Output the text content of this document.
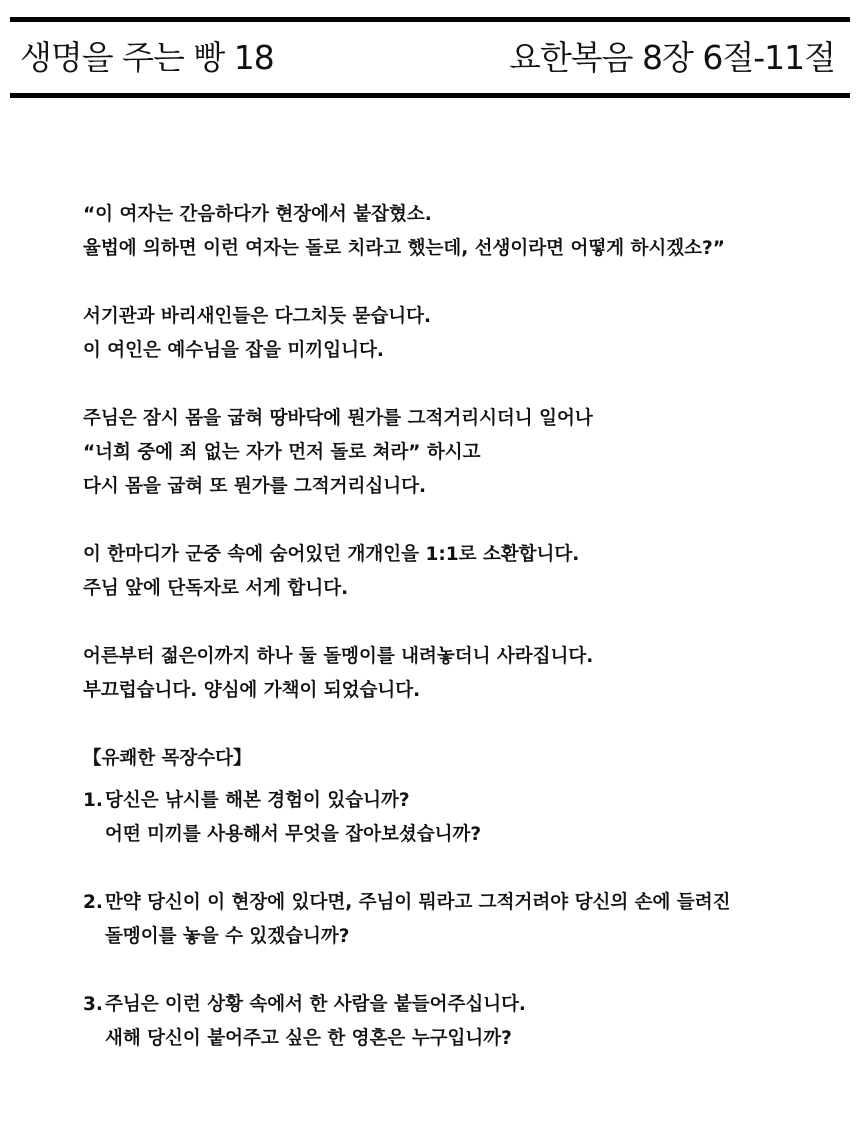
생명을 주는 빵 18	요한복음 8장 6절-11절
“이 여자는 간음하다가 현장에서 붙잡혔소.
율법에 의하면 이런 여자는 돌로 치라고 했는데, 선생이라면 어떻게 하시겠소?”
서기관과 바리새인들은 다그치듯 묻습니다.
이 여인은 예수님을 잡을 미끼입니다.
주님은 잠시 몸을 굽혀 땅바닥에 뭔가를 그적거리시더니 일어나
“너희 중에 죄 없는 자가 먼저 돌로 쳐라” 하시고
다시 몸을 굽혀 또 뭔가를 그적거리십니다.
이 한마디가 군중 속에 숨어있던 개개인을 1:1로 소환합니다.
주님 앞에 단독자로 서게 합니다.
어른부터 젊은이까지 하나 둘 돌멩이를 내려놓더니 사라집니다.
부끄럽습니다. 양심에 가책이 되었습니다.
【유쾌한 목장수다】
1. 당신은 낚시를 해본 경험이 있습니까?
어떤 미끼를 사용해서 무엇을 잡아보셨습니까?
2. 만약 당신이 이 현장에 있다면, 주님이 뭐라고 그적거려야 당신의 손에 들려진
돌멩이를 놓을 수 있겠습니까?
3. 주님은 이런 상황 속에서 한 사람을 붙들어주십니다.
새해 당신이 붙어주고 싶은 한 영혼은 누구입니까?
